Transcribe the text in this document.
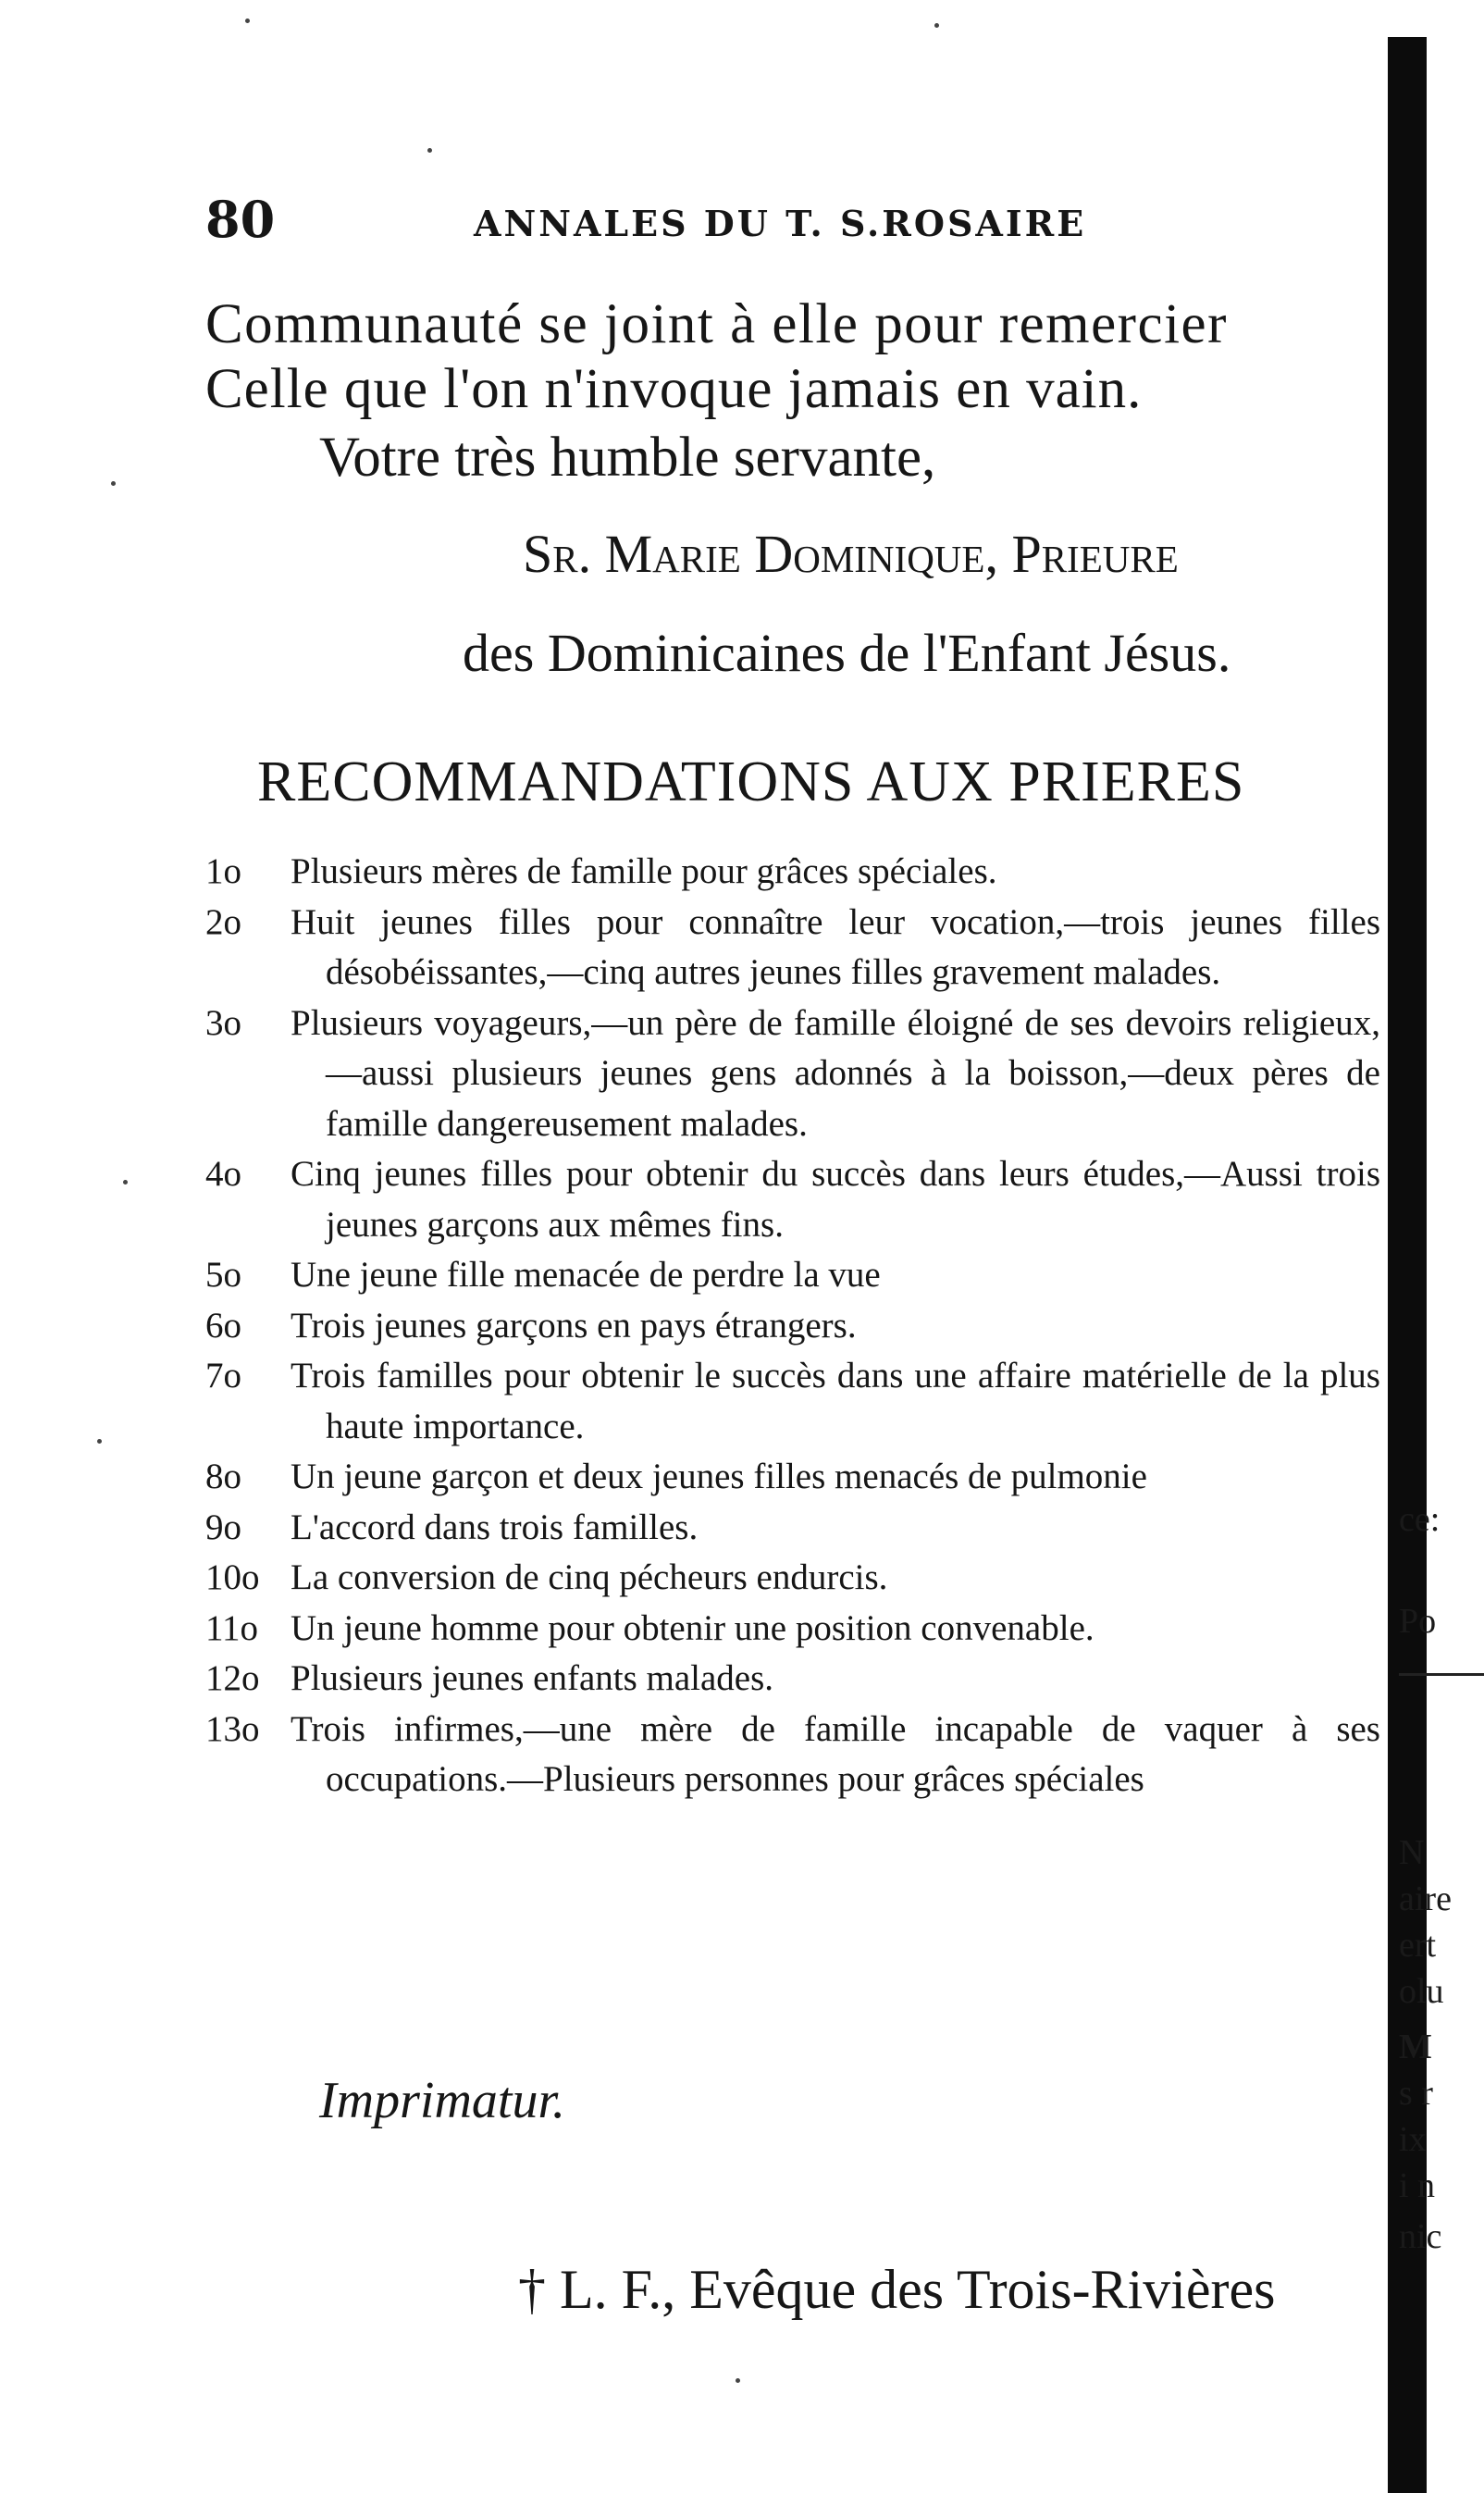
80	ANNALES DU T. S.ROSAIRE

Communauté se joint à elle pour remercier

Celle que l'on n'invoque jamais en vain.

Votre très humble servante,

Sr. Marie Dominique, Prieure

des Dominicaines de l'Enfant Jésus.

RECOMMANDATIONS AUX PRIERES
1o Plusieurs mères de famille pour grâces spéciales.
2o Huit jeunes filles pour connaître leur vocation,—trois jeunes filles désobéissantes,—cinq autres jeunes filles gravement malades.
3o Plusieurs voyageurs,—un père de famille éloigné de ses devoirs religieux,—aussi plusieurs jeunes gens adonnés à la boisson,—deux pères de famille dangereusement malades.
4o Cinq jeunes filles pour obtenir du succès dans leurs études,—Aussi trois jeunes garçons aux mêmes fins.
5o Une jeune fille menacée de perdre la vue
6o Trois jeunes garçons en pays étrangers.
7o Trois familles pour obtenir le succès dans une affaire matérielle de la plus haute importance.
8o Un jeune garçon et deux jeunes filles menacés de pulmonie
9o L'accord dans trois familles.
10o La conversion de cinq pécheurs endurcis.
11o Un jeune homme pour obtenir une position convenable.
12o Plusieurs jeunes enfants malades.
13o Trois infirmes,—une mère de famille incapable de vaquer à ses occupations.—Plusieurs personnes pour grâces spéciales

Imprimatur.

† L. F., Evêque des Trois-Rivières

ce:
Po
N
aire
ert
olu
M
s r
ix
i n
nic
